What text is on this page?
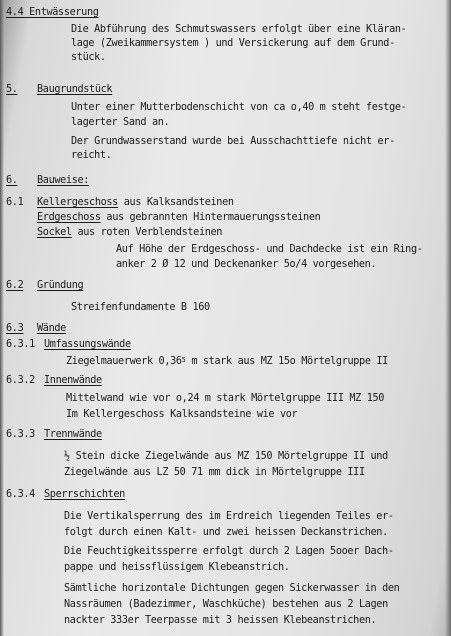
4.4 Entwässerung
Die Abführung des Schmutswassers erfolgt über eine Kläran-
lage (Zweikammersystem ) und Versickerung auf dem Grund-
stück.
5. Baugrundstück
Unter einer Mutterbodenschicht von ca o,40 m steht festge-
lagerter Sand an.
Der Grundwasserstand wurde bei Ausschachttiefe nicht er-
reicht.
6. Bauweise:
6.1 Kellergeschoss aus Kalksandsteinen
Erdgeschoss aus gebrannten Hintermauerungssteinen
Sockel aus roten Verblendsteinen
Auf Höhe der Erdgeschoss- und Dachdecke ist ein Ring-
anker 2 Ø 12 und Deckenanker 5o/4 vorgesehen.
6.2 Gründung
Streifenfundamente B 160
6.3 Wände
6.3.1 Umfassungswände
Ziegelmauerwerk 0,36$^5$ m stark aus MZ 15o Mörtelgruppe II
6.3.2 Innenwände
Mittelwand wie vor o,24 m stark Mörtelgruppe III MZ 150
Im Kellergeschoss Kalksandsteine wie vor
6.3.3 Trennwände
½ Stein dicke Ziegelwände aus MZ 150 Mörtelgruppe II und
Ziegelwände aus LZ 50 71 mm dick in Mörtelgruppe III
6.3.4 Sperrschichten
Die Vertikalsperrung des im Erdreich liegenden Teiles er-
folgt durch einen Kalt- und zwei heissen Deckanstrichen.
Die Feuchtigkeitssperre erfolgt durch 2 Lagen 5ooer Dach-
pappe und heissflüssigem Klebeanstrich.
Sämtliche horizontale Dichtungen gegen Sickerwasser in den
Nassräumen (Badezimmer, Waschküche) bestehen aus 2 Lagen
nackter 333er Teerpasse mit 3 heissen Klebeanstrichen.
